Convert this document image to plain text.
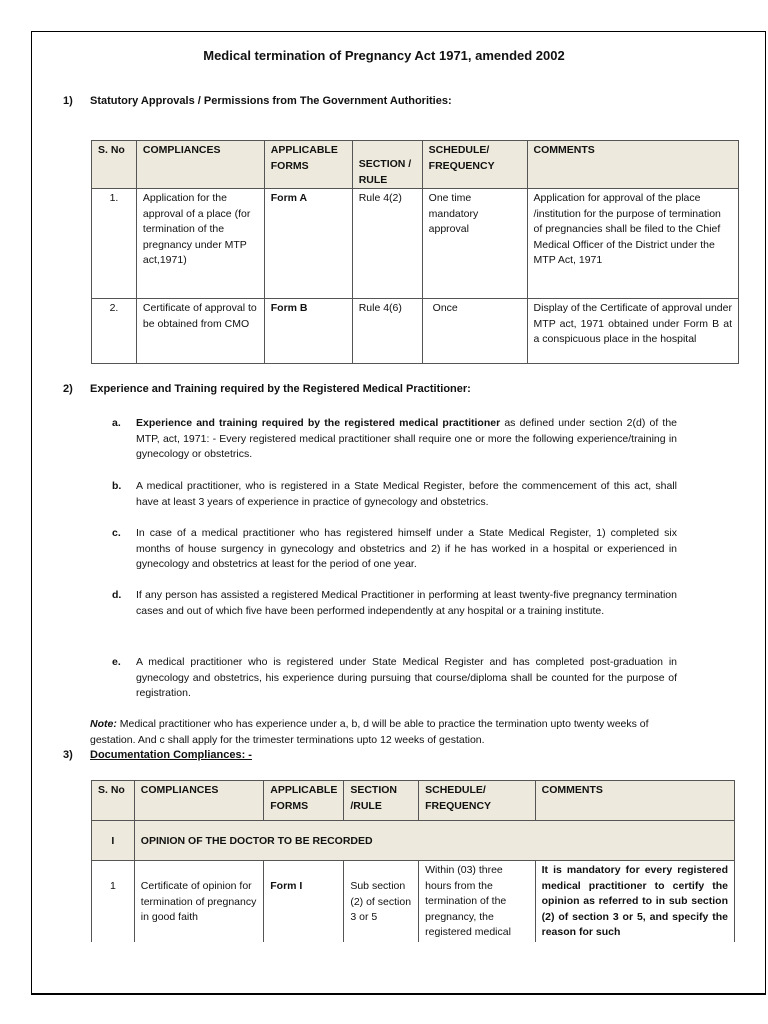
Medical termination of Pregnancy Act 1971, amended 2002
1) Statutory Approvals / Permissions from The Government Authorities:
S. No	COMPLIANCES	APPLICABLE FORMS	SECTION / RULE	SCHEDULE/ FREQUENCY	COMMENTS
1.	Application for the approval of a place (for termination of the pregnancy under MTP act,1971)	Form A	Rule 4(2)	One time mandatory approval	Application for approval of the place /institution for the purpose of termination of pregnancies shall be filed to the Chief Medical Officer of the District under the MTP Act, 1971
2.	Certificate of approval to be obtained from CMO	Form B	Rule 4(6)	Once	Display of the Certificate of approval under MTP act, 1971 obtained under Form B at a conspicuous place in the hospital
2) Experience and Training required by the Registered Medical Practitioner:
a. Experience and training required by the registered medical practitioner as defined under section 2(d) of the MTP, act, 1971: - Every registered medical practitioner shall require one or more the following experience/training in gynecology or obstetrics.
b. A medical practitioner, who is registered in a State Medical Register, before the commencement of this act, shall have at least 3 years of experience in practice of gynecology and obstetrics.
c. In case of a medical practitioner who has registered himself under a State Medical Register, 1) completed six months of house surgency in gynecology and obstetrics and 2) if he has worked in a hospital or experienced in gynecology and obstetrics at least for the period of one year.
d. If any person has assisted a registered Medical Practitioner in performing at least twenty-five pregnancy termination cases and out of which five have been performed independently at any hospital or a training institute.
e. A medical practitioner who is registered under State Medical Register and has completed post-graduation in gynecology and obstetrics, his experience during pursuing that course/diploma shall be counted for the purpose of registration.
Note: Medical practitioner who has experience under a, b, d will be able to practice the termination upto twenty weeks of gestation. And c shall apply for the trimester terminations upto 12 weeks of gestation.
3) Documentation Compliances: -
S. No	COMPLIANCES	APPLICABLE FORMS	SECTION /RULE	SCHEDULE/ FREQUENCY	COMMENTS
I	OPINION OF THE DOCTOR TO BE RECORDED				
1	Certificate of opinion for termination of pregnancy in good faith	Form I	Sub section (2) of section 3 or 5	Within (03) three hours from the termination of the pregnancy, the registered medical	It is mandatory for every registered medical practitioner to certify the opinion as referred to in sub section (2) of section 3 or 5, and specify the reason for such
